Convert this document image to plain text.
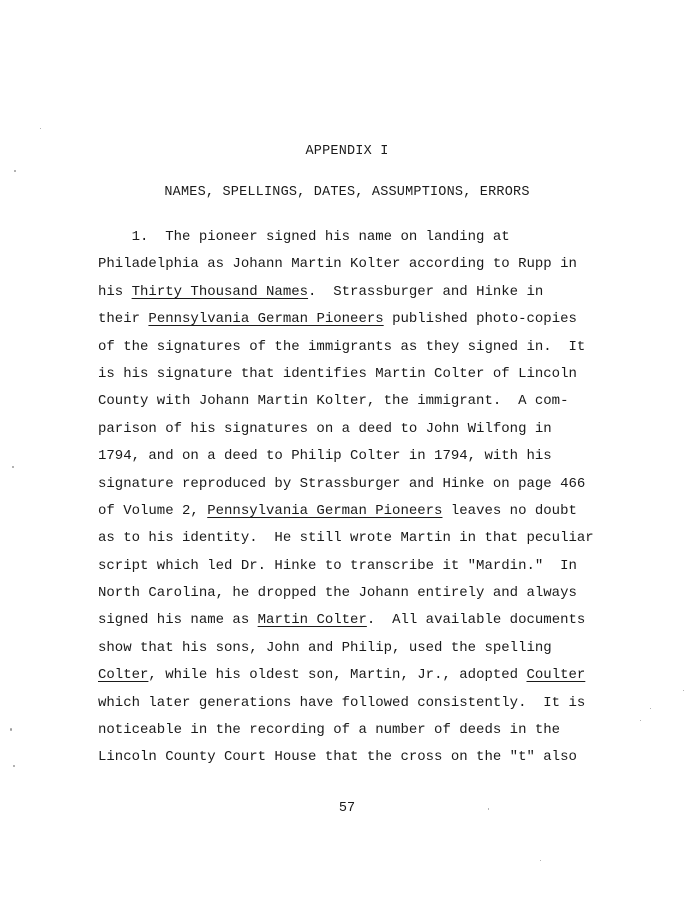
APPENDIX I
NAMES, SPELLINGS, DATES, ASSUMPTIONS, ERRORS
1.  The pioneer signed his name on landing at
Philadelphia as Johann Martin Kolter according to Rupp in
his Thirty Thousand Names.  Strassburger and Hinke in
their Pennsylvania German Pioneers published photo-copies
of the signatures of the immigrants as they signed in.  It
is his signature that identifies Martin Colter of Lincoln
County with Johann Martin Kolter, the immigrant.  A com-
parison of his signatures on a deed to John Wilfong in
1794, and on a deed to Philip Colter in 1794, with his
signature reproduced by Strassburger and Hinke on page 466
of Volume 2, Pennsylvania German Pioneers leaves no doubt
as to his identity.  He still wrote Martin in that peculiar
script which led Dr. Hinke to transcribe it "Mardin."  In
North Carolina, he dropped the Johann entirely and always
signed his name as Martin Colter.  All available documents
show that his sons, John and Philip, used the spelling
Colter, while his oldest son, Martin, Jr., adopted Coulter
which later generations have followed consistently.  It is
noticeable in the recording of a number of deeds in the
Lincoln County Court House that the cross on the "t" also
57
